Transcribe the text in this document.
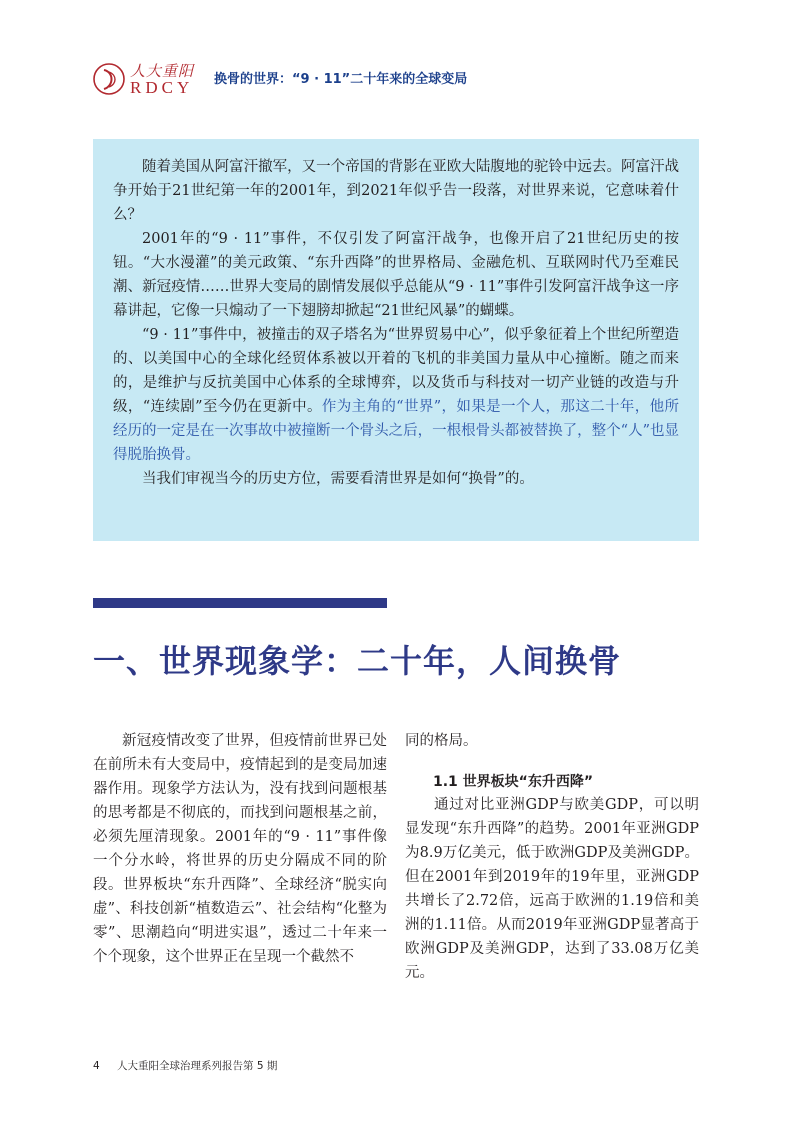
人大重阳
RDCY 换骨的世界：“9 · 11”二十年来的全球变局

随着美国从阿富汗撤军，又一个帝国的背影在亚欧大陆腹地的驼铃中远去。阿富汗战争开始于21世纪第一年的2001年，到2021年似乎告一段落，对世界来说，它意味着什么？

2001年的“9 · 11”事件，不仅引发了阿富汗战争，也像开启了21世纪历史的按钮。“大水漫灌”的美元政策、“东升西降”的世界格局、金融危机、互联网时代乃至难民潮、新冠疫情……世界大变局的剧情发展似乎总能从“9 · 11”事件引发阿富汗战争这一序幕讲起，它像一只煽动了一下翅膀却掀起“21世纪风暴”的蝴蝶。

“9 · 11”事件中，被撞击的双子塔名为“世界贸易中心”，似乎象征着上个世纪所塑造的、以美国中心的全球化经贸体系被以开着的飞机的非美国力量从中心撞断。随之而来的，是维护与反抗美国中心体系的全球博弈，以及货币与科技对一切产业链的改造与升级，“连续剧”至今仍在更新中。作为主角的“世界”，如果是一个人，那这二十年，他所经历的一定是在一次事故中被撞断一个骨头之后，一根根骨头都被替换了，整个“人”也显得脱胎换骨。

当我们审视当今的历史方位，需要看清世界是如何“换骨”的。

一、世界现象学：二十年，人间换骨

新冠疫情改变了世界，但疫情前世界已处在前所未有大变局中，疫情起到的是变局加速器作用。现象学方法认为，没有找到问题根基的思考都是不彻底的，而找到问题根基之前，必须先厘清现象。2001年的“9 · 11”事件像一个分水岭，将世界的历史分隔成不同的阶段。世界板块“东升西降”、全球经济“脱实向虚”、科技创新“植数造云”、社会结构“化整为零”、思潮趋向“明进实退”，透过二十年来一个个现象，这个世界正在呈现一个截然不

同的格局。

1.1 世界板块“东升西降”

通过对比亚洲GDP与欧美GDP，可以明显发现“东升西降”的趋势。2001年亚洲GDP为8.9万亿美元，低于欧洲GDP及美洲GDP。但在2001年到2019年的19年里，亚洲GDP共增长了2.72倍，远高于欧洲的1.19倍和美洲的1.11倍。从而2019年亚洲GDP显著高于欧洲GDP及美洲GDP，达到了33.08万亿美元。

4 人大重阳全球治理系列报告第 5 期
